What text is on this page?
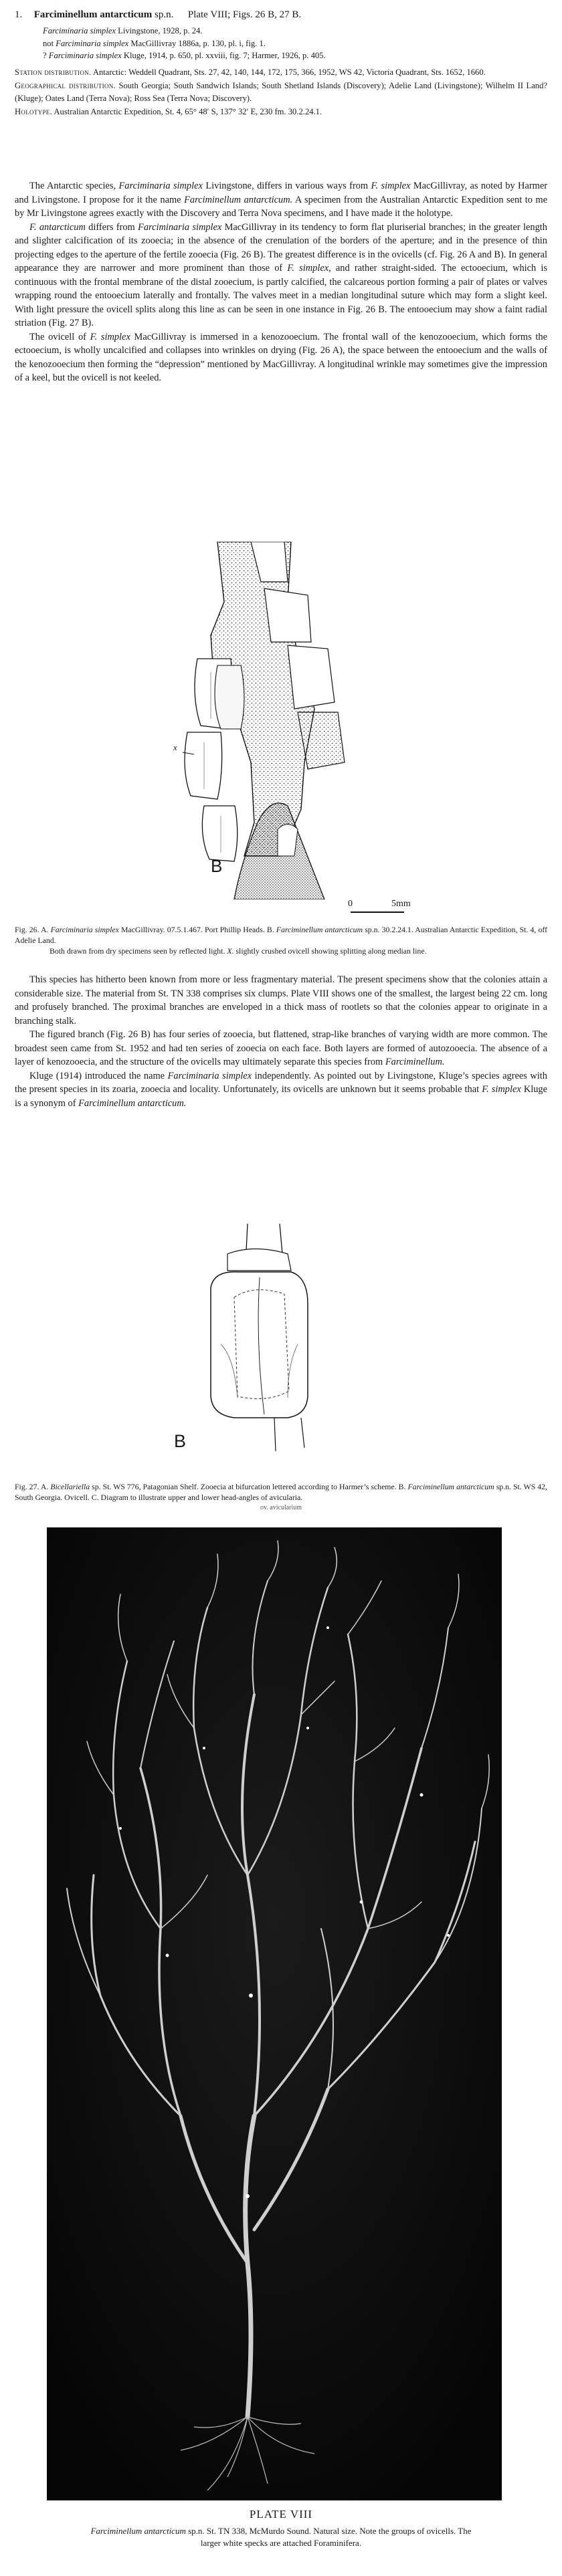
1. Farciminellum antarcticum sp.n. Plate VIII; Figs. 26 B, 27 B.

Farciminaria simplex Livingstone, 1928, p. 24.

not Farciminaria simplex MacGillivray 1886a, p. 130, pl. i, fig. 1.

? Farciminaria simplex Kluge, 1914, p. 650, pl. xxviii, fig. 7; Harmer, 1926, p. 405.

Station distribution. Antarctic: Weddell Quadrant, Sts. 27, 42, 140, 144, 172, 175, 366, 1952, WS 42, Victoria Quadrant, Sts. 1652, 1660.
Geographical distribution. South Georgia; South Sandwich Islands; South Shetland Islands (Discovery); Adelie Land (Livingstone); Wilhelm II Land? (Kluge); Oates Land (Terra Nova); Ross Sea (Terra Nova; Discovery).
Holotype. Australian Antarctic Expedition, St. 4, 65° 48′ S, 137° 32′ E, 230 fm. 30.2.24.1.

The Antarctic species, Farciminaria simplex Livingstone, differs in various ways from F. simplex MacGillivray, as noted by Harmer and Livingstone. I propose for it the name Farciminellum antarcticum. A specimen from the Australian Antarctic Expedition sent to me by Mr Livingstone agrees exactly with the Discovery and Terra Nova specimens, and I have made it the holotype.

F. antarcticum differs from Farciminaria simplex MacGillivray in its tendency to form flat pluriserial branches; in the greater length and slighter calcification of its zooecia; in the absence of the crenulation of the borders of the aperture; and in the presence of thin projecting edges to the aperture of the fertile zooecia (Fig. 26 B). The greatest difference is in the ovicells (cf. Fig. 26 A and B). In general appearance they are narrower and more prominent than those of F. simplex, and rather straight-sided. The ectooecium, which is continuous with the frontal membrane of the distal zooecium, is partly calcified, the calcareous portion forming a pair of plates or valves wrapping round the entooecium laterally and frontally. The valves meet in a median longitudinal suture which may form a slight keel. With light pressure the ovicell splits along this line as can be seen in one instance in Fig. 26 B. The entooecium may show a faint radial striation (Fig. 27 B).

The ovicell of F. simplex MacGillivray is immersed in a kenozooecium. The frontal wall of the kenozooecium, which forms the ectooecium, is wholly uncalcified and collapses into wrinkles on drying (Fig. 26 A), the space between the entooecium and the walls of the kenozooecium then forming the “depression” mentioned by MacGillivray. A longitudinal wrinkle may sometimes give the impression of a keel, but the ovicell is not keeled.

x
B
0	5mm

Fig. 26. A. Farciminaria simplex MacGillivray. 07.5.1.467. Port Phillip Heads. B. Farciminellum antarcticum sp.n. 30.2.24.1. Australian Antarctic Expedition, St. 4, off Adelie Land.

Both drawn from dry specimens seen by reflected light. X. slightly crushed ovicell showing splitting along median line.

This species has hitherto been known from more or less fragmentary material. The present specimens show that the colonies attain a considerable size. The material from St. TN 338 comprises six clumps. Plate VIII shows one of the smallest, the largest being 22 cm. long and profusely branched. The proximal branches are enveloped in a thick mass of rootlets so that the colonies appear to originate in a branching stalk.

The figured branch (Fig. 26 B) has four series of zooecia, but flattened, strap-like branches of varying width are more common. The broadest seen came from St. 1952 and had ten series of zooecia on each face. Both layers are formed of autozooecia. The absence of a layer of kenozooecia, and the structure of the ovicells may ultimately separate this species from Farciminellum.

Kluge (1914) introduced the name Farciminaria simplex independently. As pointed out by Livingstone, Kluge’s species agrees with the present species in its zoaria, zooecia and locality. Unfortunately, its ovicells are unknown but it seems probable that F. simplex Kluge is a synonym of Farciminellum antarcticum.

B

Fig. 27. A. Bicellariella sp. St. WS 776, Patagonian Shelf. Zooecia at bifurcation lettered according to Harmer’s scheme. B. Farciminellum antarcticum sp.n. St. WS 42, South Georgia. Ovicell. C. Diagram to illustrate upper and lower head-angles of avicularia.

ov. avicularium
PLATE VIII

Farciminellum antarcticum sp.n. St. TN 338, McMurdo Sound. Natural size. Note the groups of ovicells. The larger white specks are attached Foraminifera.
